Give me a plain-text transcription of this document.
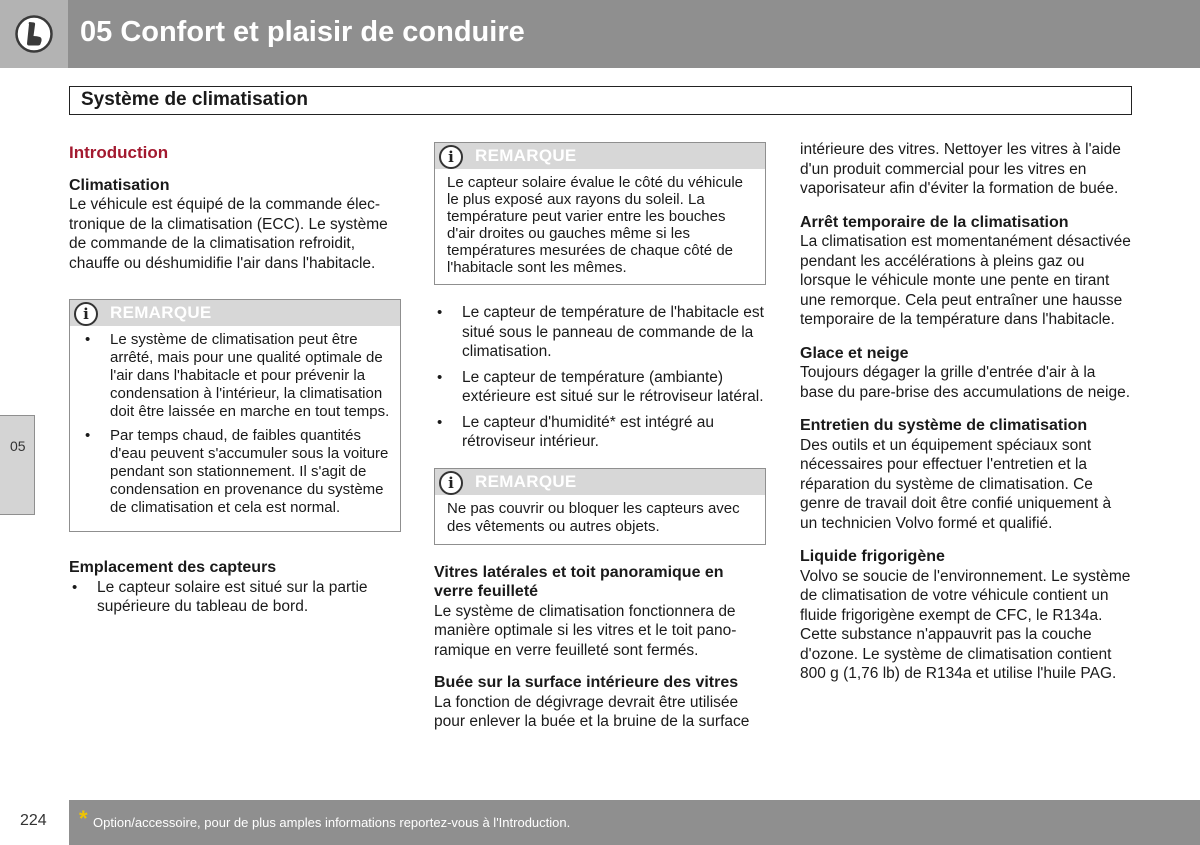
05 Confort et plaisir de conduire
05
Système de climatisation
Introduction
Climatisation
Le véhicule est équipé de la commande électronique de la climatisation (ECC). Le système de commande de la climatisation refroidit, chauffe ou déshumidifie l'air dans l'habitacle.
i	REMARQUE
• Le système de climatisation peut être arrêté, mais pour une qualité optimale de l'air dans l'habitacle et pour prévenir la condensation à l'intérieur, la climatisation doit être laissée en marche en tout temps.
• Par temps chaud, de faibles quantités d'eau peuvent s'accumuler sous la voiture pendant son stationnement. Il s'agit de condensation en provenance du système de climatisation et cela est normal.
Emplacement des capteurs
• Le capteur solaire est situé sur la partie supérieure du tableau de bord.
i	REMARQUE
Le capteur solaire évalue le côté du véhicule le plus exposé aux rayons du soleil. La température peut varier entre les bouches d'air droites ou gauches même si les températures mesurées de chaque côté de l'habitacle sont les mêmes.
• Le capteur de température de l'habitacle est situé sous le panneau de commande de la climatisation.
• Le capteur de température (ambiante) extérieure est situé sur le rétroviseur latéral.
• Le capteur d'humidité* est intégré au rétroviseur intérieur.
i	REMARQUE
Ne pas couvrir ou bloquer les capteurs avec des vêtements ou autres objets.
Vitres latérales et toit panoramique en verre feuilleté
Le système de climatisation fonctionnera de manière optimale si les vitres et le toit panoramique en verre feuilleté sont fermés.
Buée sur la surface intérieure des vitres
La fonction de dégivrage devrait être utilisée pour enlever la buée et la bruine de la surface
intérieure des vitres. Nettoyer les vitres à l'aide d'un produit commercial pour les vitres en vaporisateur afin d'éviter la formation de buée.
Arrêt temporaire de la climatisation
La climatisation est momentanément désactivée pendant les accélérations à pleins gaz ou lorsque le véhicule monte une pente en tirant une remorque. Cela peut entraîner une hausse temporaire de la température dans l'habitacle.
Glace et neige
Toujours dégager la grille d'entrée d'air à la base du pare-brise des accumulations de neige.
Entretien du système de climatisation
Des outils et un équipement spéciaux sont nécessaires pour effectuer l'entretien et la réparation du système de climatisation. Ce genre de travail doit être confié uniquement à un technicien Volvo formé et qualifié.
Liquide frigorigène
Volvo se soucie de l'environnement. Le système de climatisation de votre véhicule contient un fluide frigorigène exempt de CFC, le R134a. Cette substance n'appauvrit pas la couche d'ozone. Le système de climatisation contient 800 g (1,76 lb) de R134a et utilise l'huile PAG.
224 * Option/accessoire, pour de plus amples informations reportez-vous à l'Introduction.
